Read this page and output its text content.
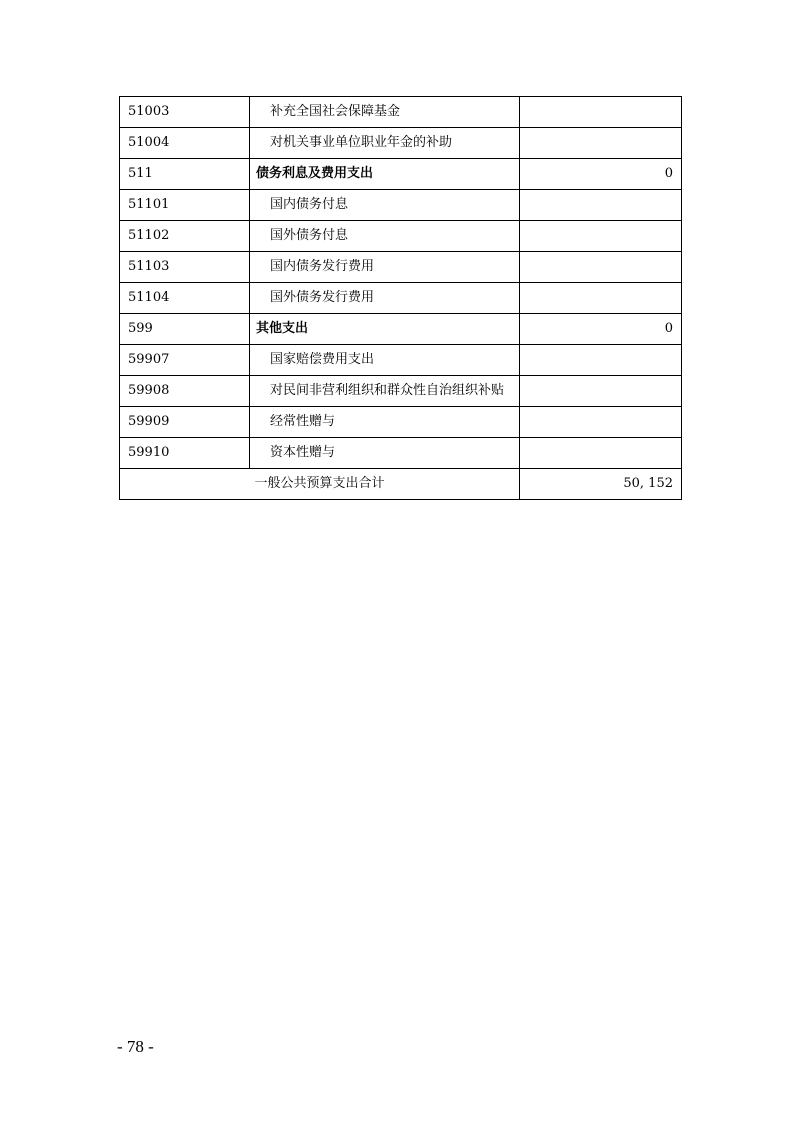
51003	补充全国社会保障基金	
51004	对机关事业单位职业年金的补助	
511	债务利息及费用支出	0
51101	国内债务付息	
51102	国外债务付息	
51103	国内债务发行费用	
51104	国外债务发行费用	
599	其他支出	0
59907	国家赔偿费用支出	
59908	对民间非营利组织和群众性自治组织补贴	
59909	经常性赠与	
59910	资本性赠与	
一般公共预算支出合计		50, 152
- 78 -
